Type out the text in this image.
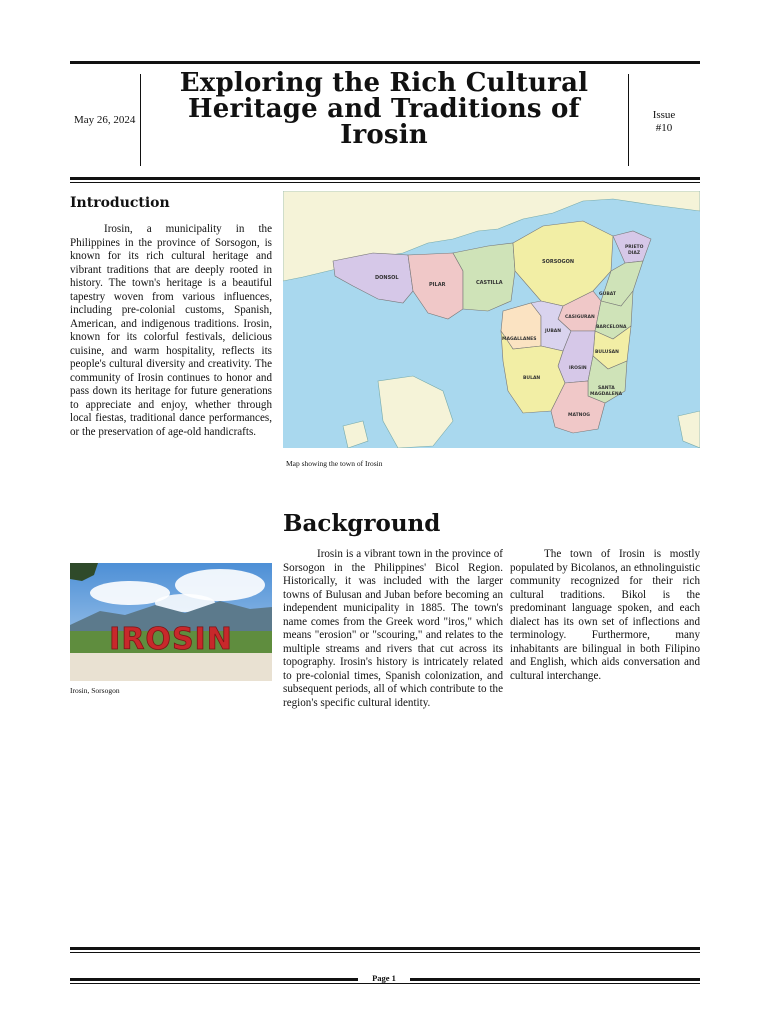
May 26, 2024
Exploring the Rich Cultural Heritage and Traditions of Irosin
Issue #10
Introduction
Irosin, a municipality in the Philippines in the province of Sorsogon, is known for its rich cultural heritage and vibrant traditions that are deeply rooted in history. The town's heritage is a beautiful tapestry woven from various influences, including pre-colonial customs, Spanish, American, and indigenous traditions. Irosin, known for its colorful festivals, delicious cuisine, and warm hospitality, reflects its people's cultural diversity and creativity. The community of Irosin continues to honor and pass down its heritage for future generations to appreciate and enjoy, whether through local fiestas, traditional dance performances, or the preservation of age-old handicrafts.
DONSOL
PILAR	CASTILLA
SORSOGON
PRIETO
DIAZ
GUBAT
CASIGURAN
BARCELONA
JUBAN
MAGALLANES
BULUSAN
IROSIN
BULAN
SANTA
MAGDALENA
MATNOG
Map showing the town of Irosin
Background
IROSIN
Irosin, Sorsogon
Irosin is a vibrant town in the province of Sorsogon in the Philippines' Bicol Region. Historically, it was included with the larger towns of Bulusan and Juban before becoming an independent municipality in 1885. The town's name comes from the Greek word "iros," which means "erosion" or "scouring," and relates to the multiple streams and rivers that cut across its topography. Irosin's history is intricately related to pre-colonial times, Spanish colonization, and subsequent periods, all of which contribute to the region's specific cultural identity.
The town of Irosin is mostly populated by Bicolanos, an ethnolinguistic community recognized for their rich cultural traditions. Bikol is the predominant language spoken, and each dialect has its own set of inflections and terminology. Furthermore, many inhabitants are bilingual in both Filipino and English, which aids conversation and cultural interchange.
Page 1
